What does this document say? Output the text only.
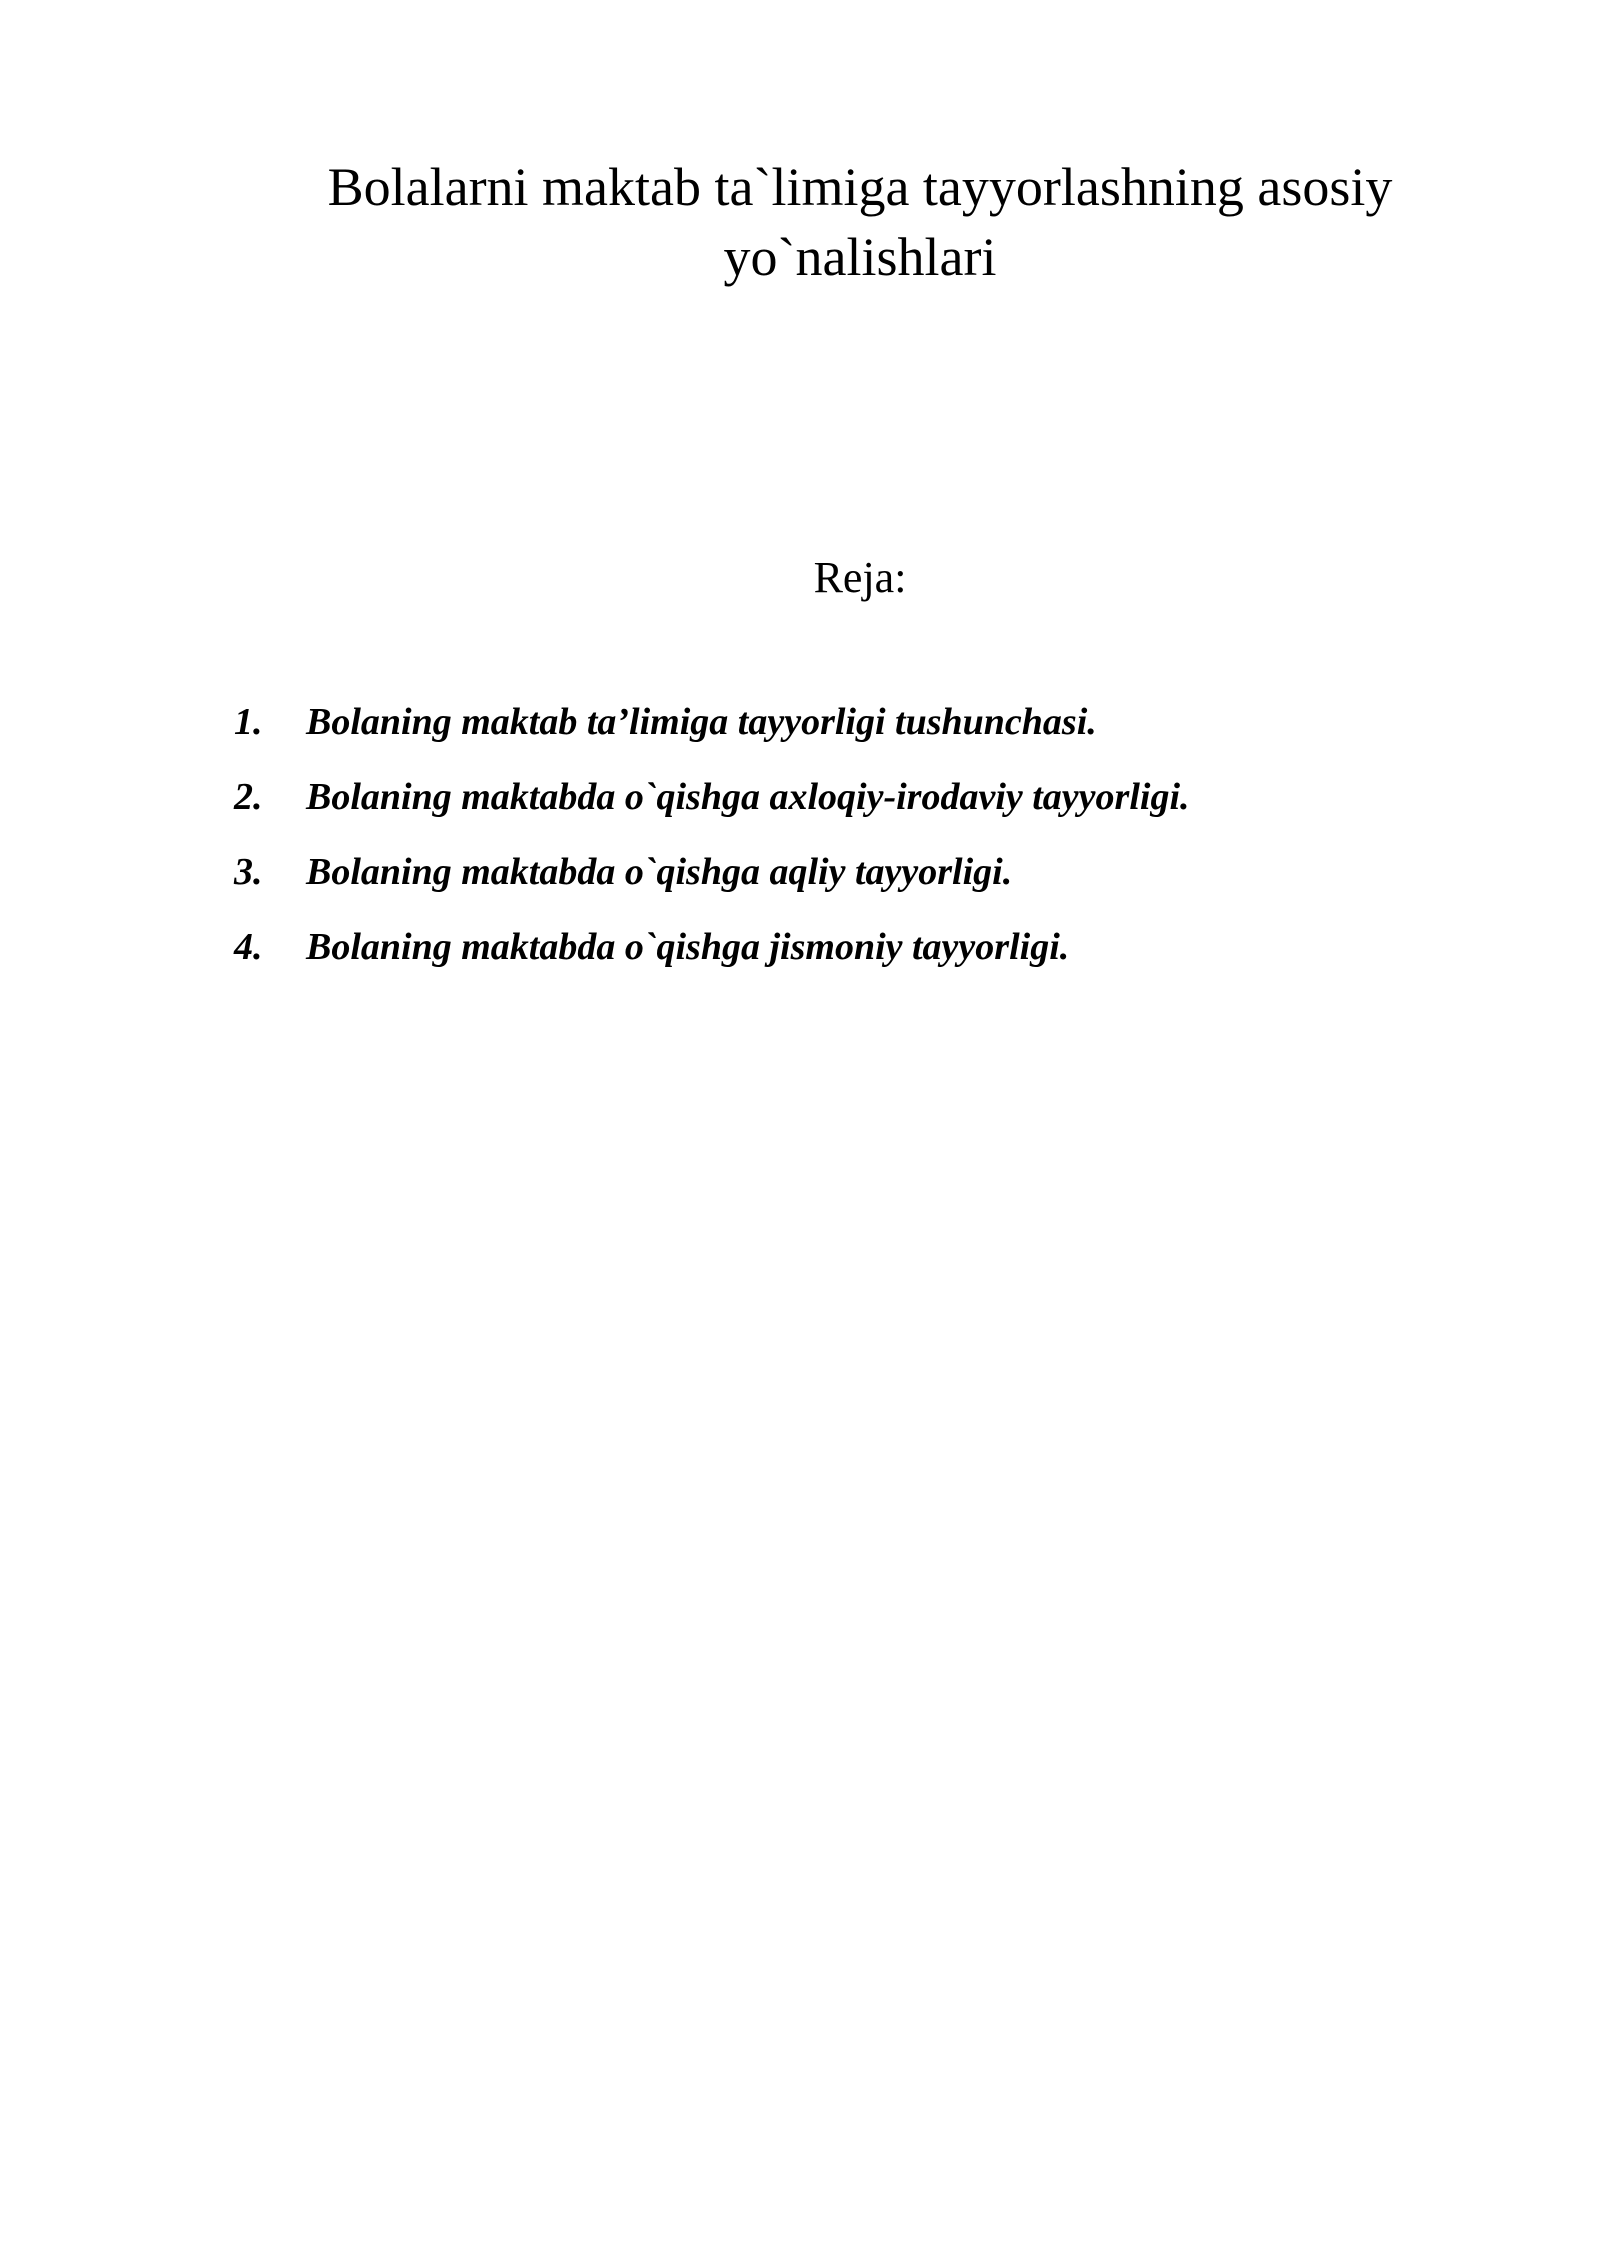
Bolalarni maktab ta`limiga tayyorlashning asosiy yo`nalishlari
Reja:
1.	Bolaning maktab ta’limiga tayyorligi tushunchasi.
2.	Bolaning maktabda o`qishga axloqiy-irodaviy tayyorligi.
3.	Bolaning maktabda o`qishga aqliy tayyorligi.
4.	Bolaning maktabda o`qishga jismoniy tayyorligi.
